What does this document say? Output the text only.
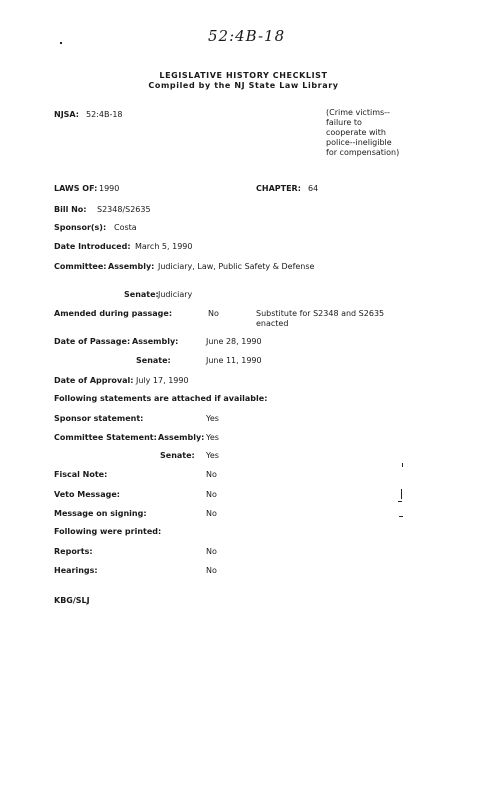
52:4B-18
LEGISLATIVE HISTORY CHECKLIST
Compiled by the NJ State Law Library
NJSA: 52:4B-18	(Crime victims--
failure to
cooperate with
police--ineligible
for compensation)
LAWS OF: 1990	CHAPTER: 64
Bill No: S2348/S2635
Sponsor(s): Costa
Date Introduced: March 5, 1990
Committee: Assembly: Judiciary, Law, Public Safety & Defense
Senate: Judiciary
Amended during passage:	No	Substitute for S2348 and S2635
enacted
Date of Passage: Assembly:	June 28, 1990
Senate:	June 11, 1990
Date of Approval: July 17, 1990
Following statements are attached if available:
Sponsor statement:	Yes
Committee Statement: Assembly: Yes
Senate: Yes
Fiscal Note:	No
Veto Message:	No
Message on signing:	No
Following were printed:
Reports:	No
Hearings:	No
KBG/SLJ
